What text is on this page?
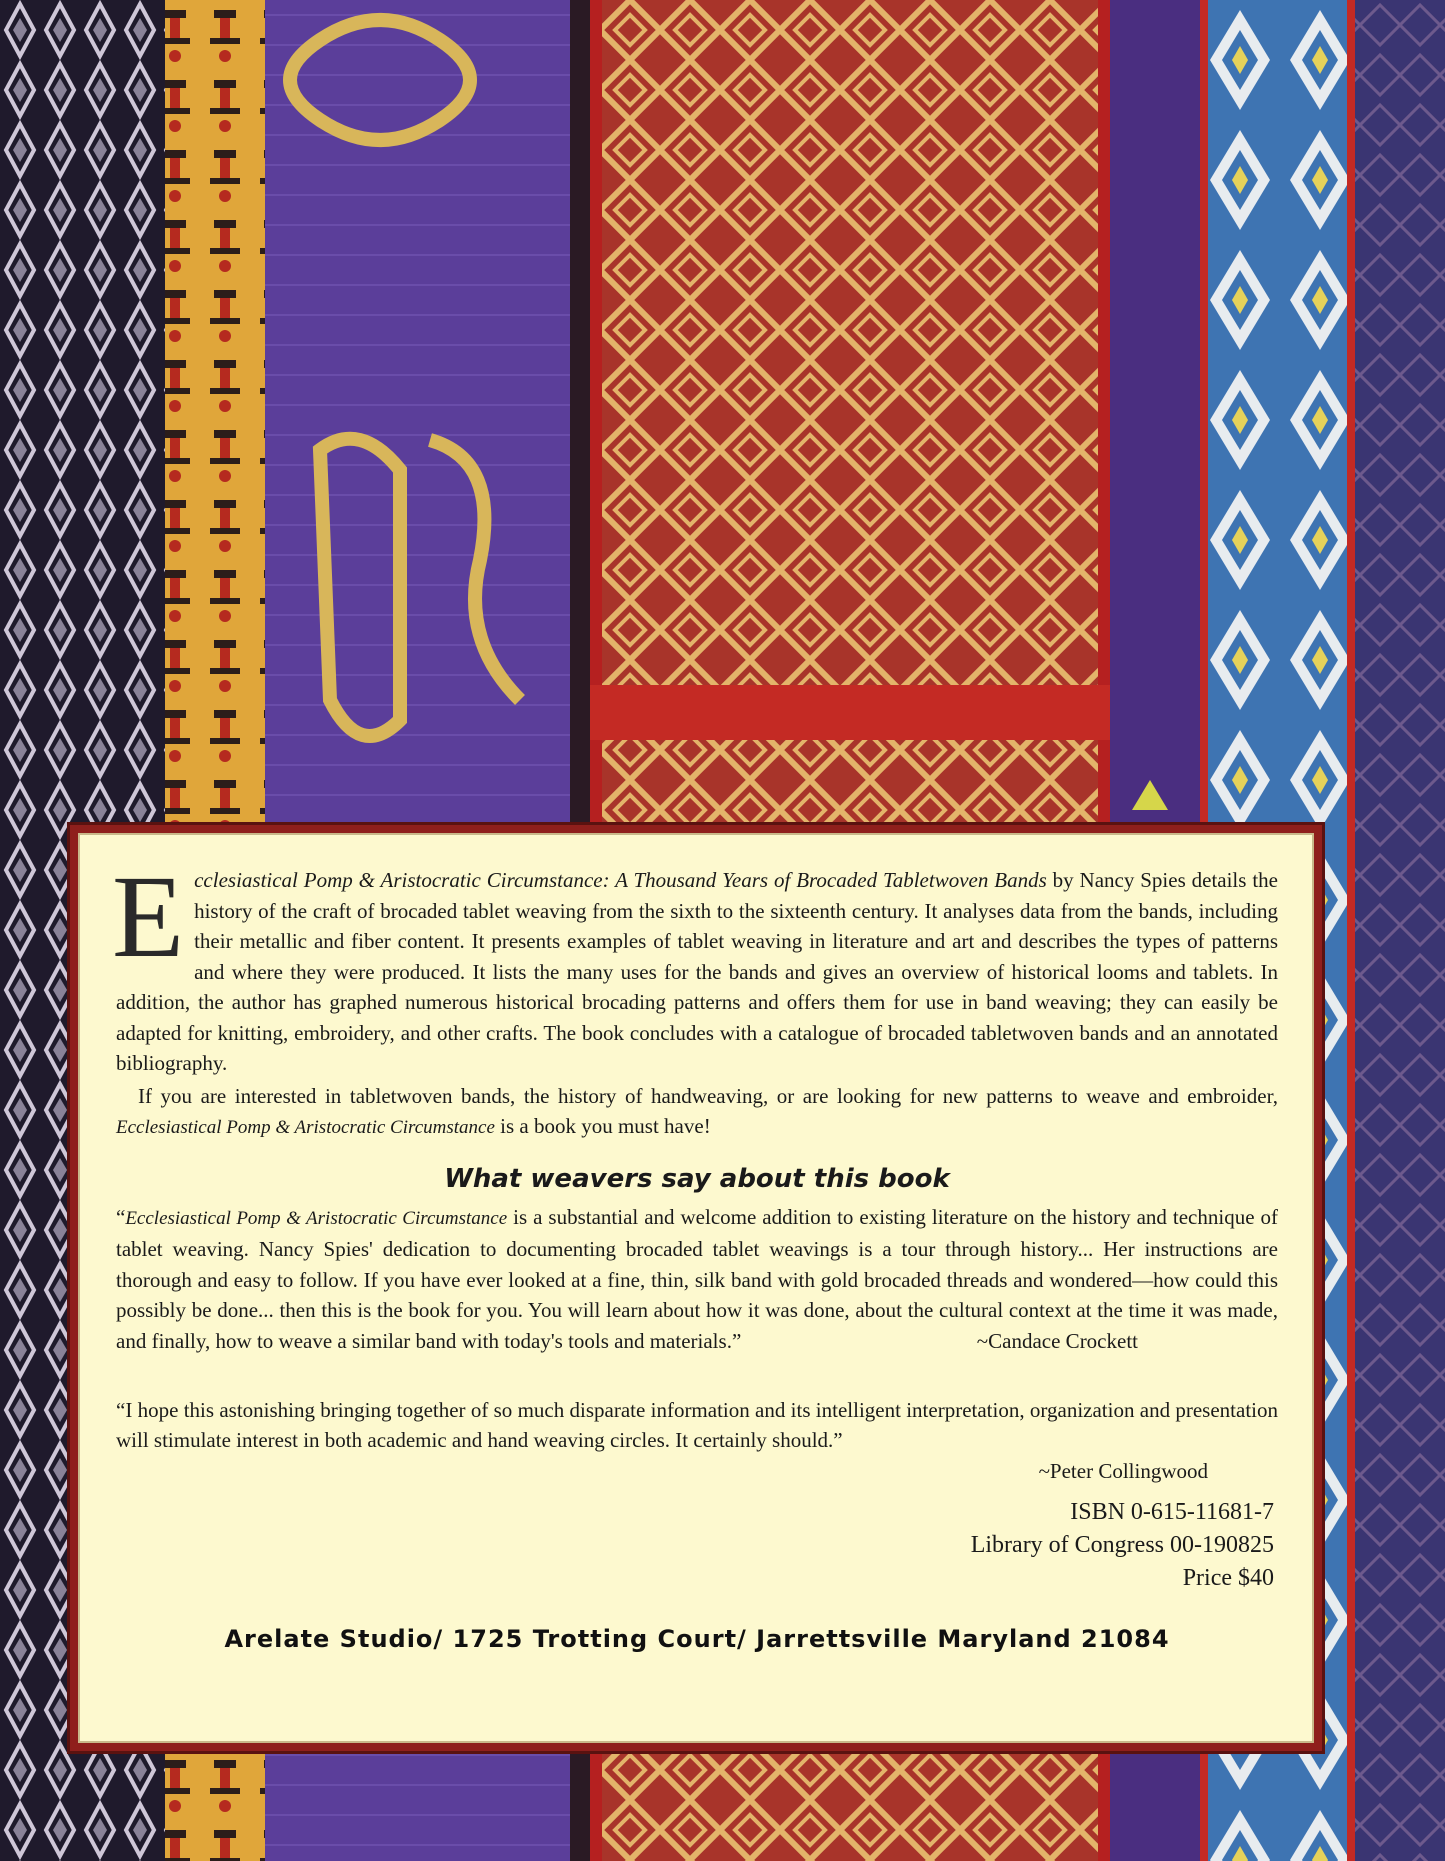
Ecclesiastical Pomp & Aristocratic Circumstance: A Thousand Years of Brocaded Tabletwoven Bands by Nancy Spies details the history of the craft of brocaded tablet weaving from the sixth to the sixteenth century. It analyses data from the bands, including their metallic and fiber content. It presents examples of tablet weaving in literature and art and describes the types of patterns and where they were produced. It lists the many uses for the bands and gives an overview of historical looms and tablets. In addition, the author has graphed numerous historical brocading patterns and offers them for use in band weaving; they can easily be adapted for knitting, embroidery, and other crafts. The book concludes with a catalogue of brocaded tabletwoven bands and an annotated bibliography.

If you are interested in tabletwoven bands, the history of handweaving, or are looking for new patterns to weave and embroider, Ecclesiastical Pomp & Aristocratic Circumstance is a book you must have!

What weavers say about this book

“Ecclesiastical Pomp & Aristocratic Circumstance is a substantial and welcome addition to existing literature on the history and technique of tablet weaving. Nancy Spies' dedication to documenting brocaded tablet weavings is a tour through history... Her instructions are thorough and easy to follow. If you have ever looked at a fine, thin, silk band with gold brocaded threads and wondered—how could this possibly be done... then this is the book for you. You will learn about how it was done, about the cultural context at the time it was made, and finally, how to weave a similar band with today's tools and materials.”	~Candace Crockett

“I hope this astonishing bringing together of so much disparate information and its intelligent interpretation, organization and presentation will stimulate interest in both academic and hand weaving circles. It certainly should.”

~Peter Collingwood
ISBN 0-615-11681-7
Library of Congress 00-190825
Price $40
Arelate Studio/ 1725 Trotting Court/ Jarrettsville Maryland 21084
